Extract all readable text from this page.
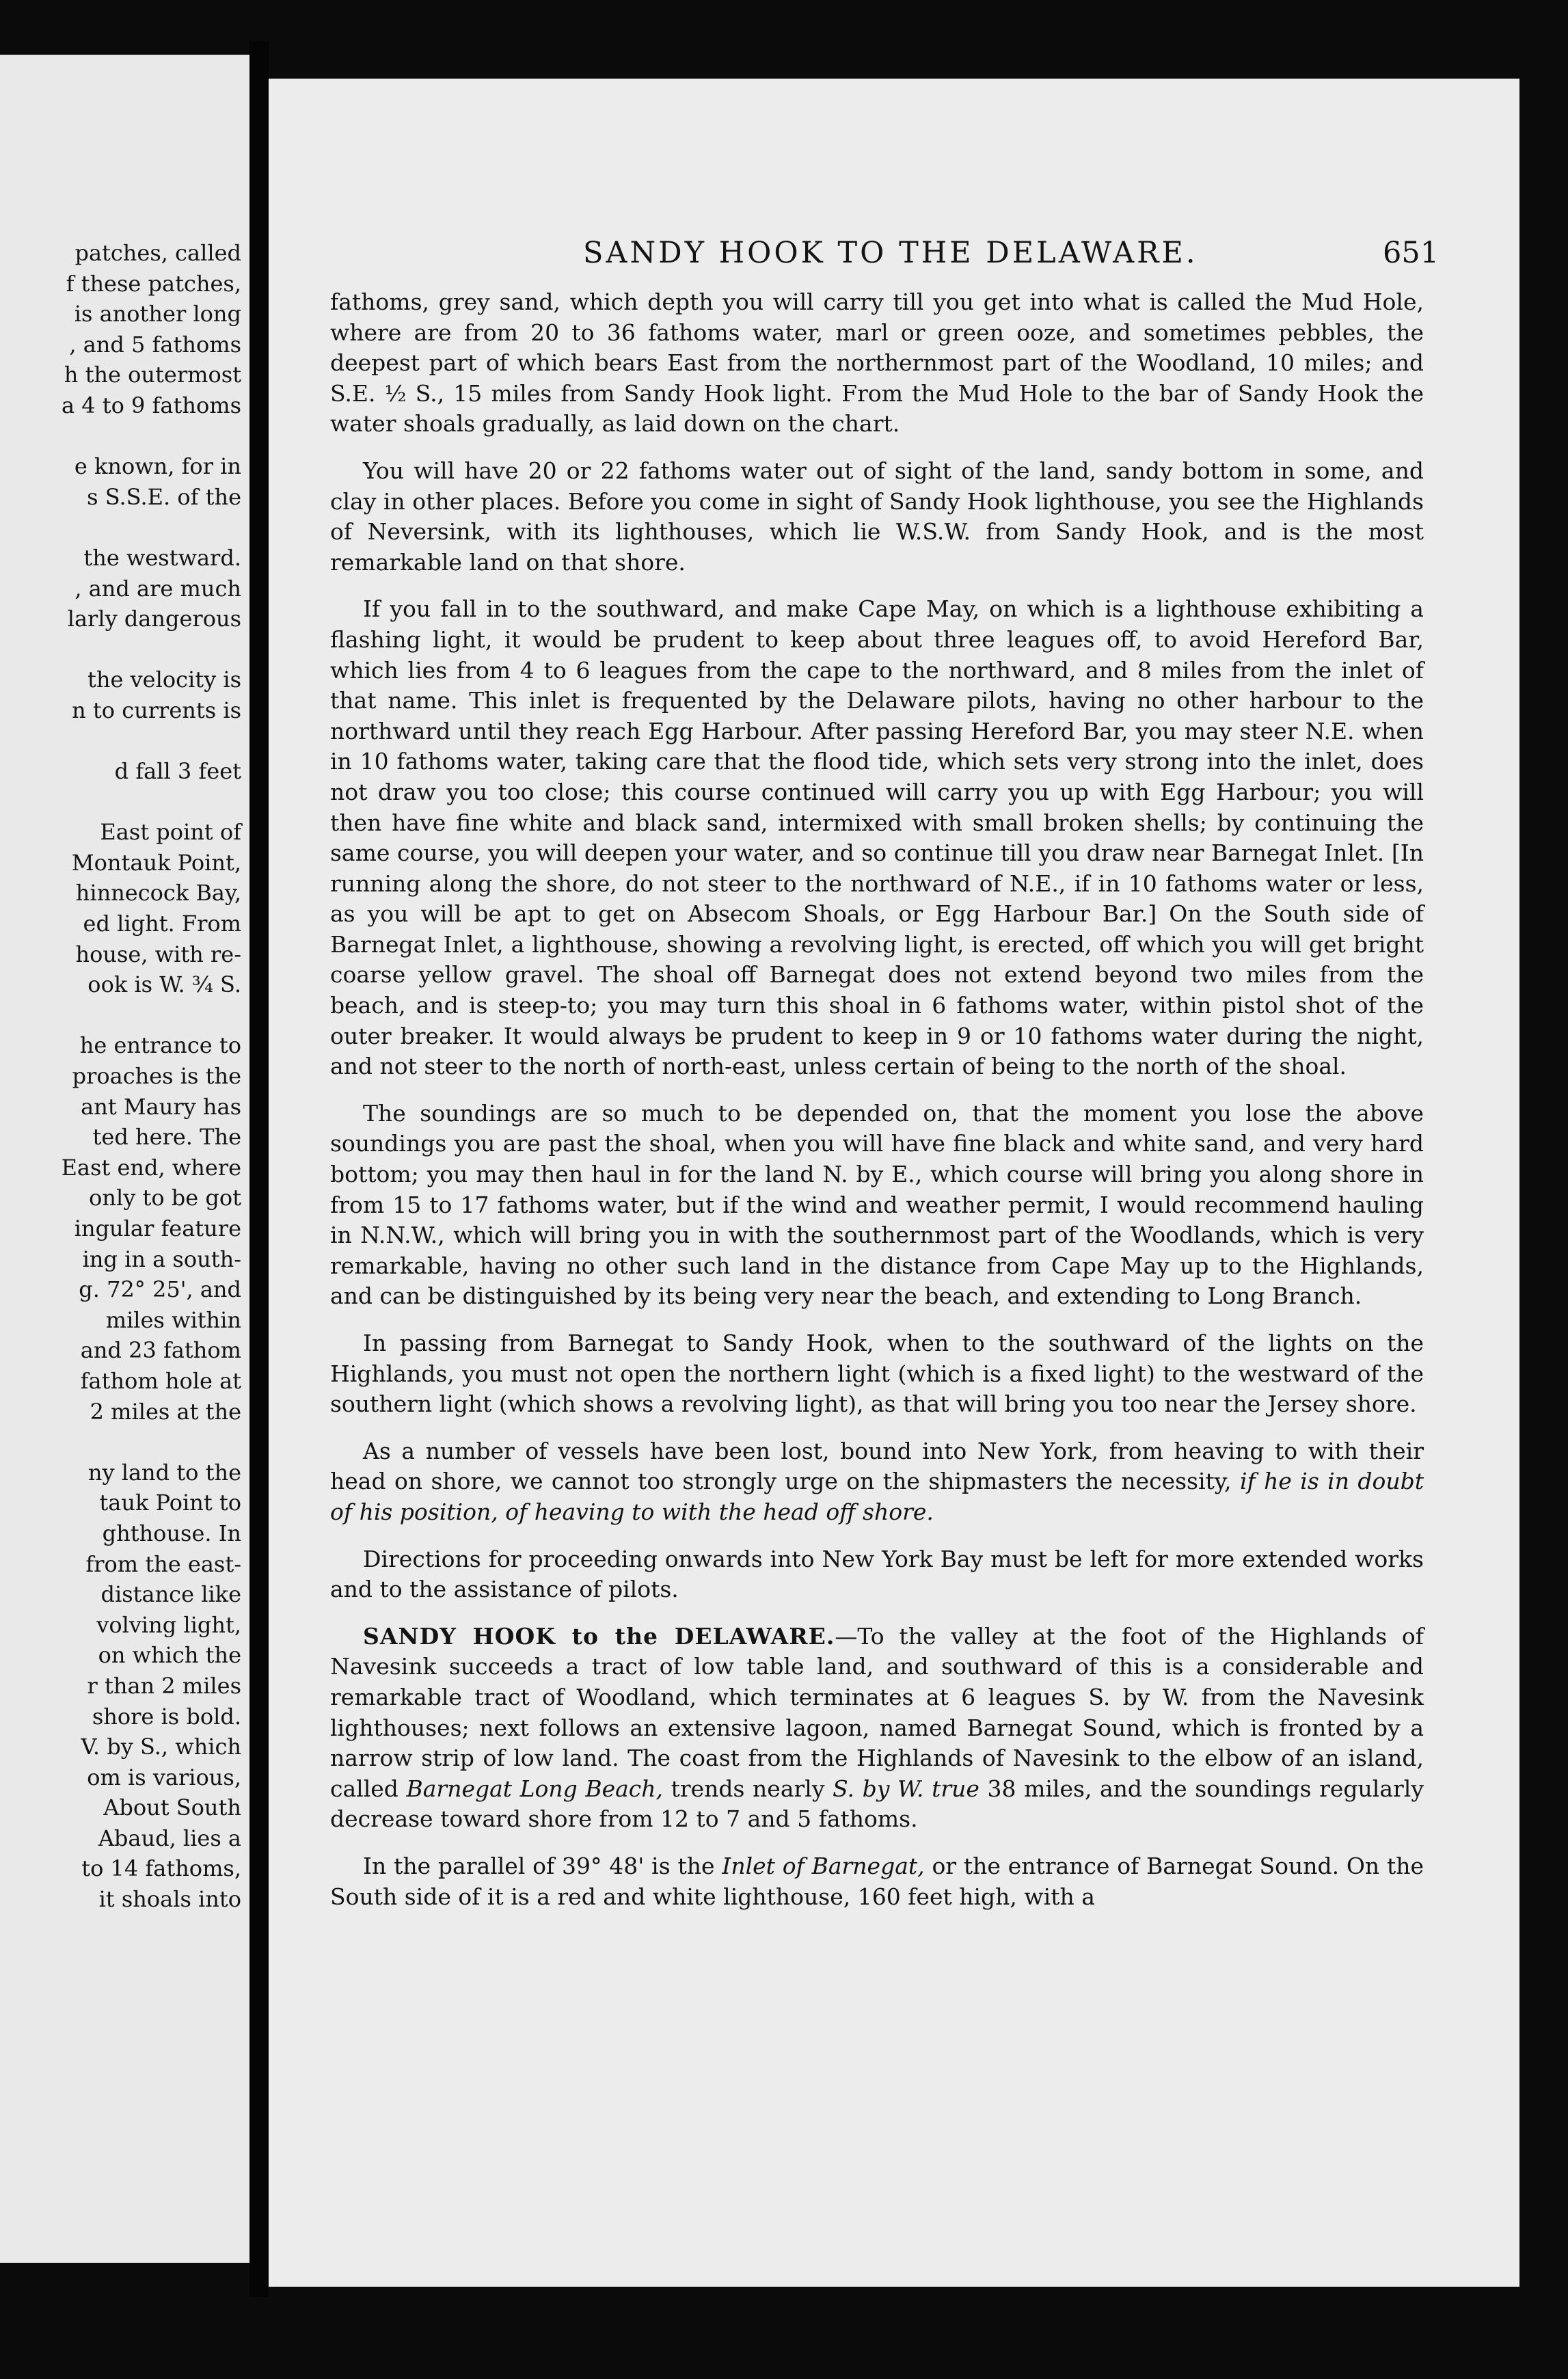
patches, called
f these patches,
is another long
, and 5 fathoms
h the outermost
a 4 to 9 fathoms
e known, for in
s S.S.E. of the
the westward.
, and are much
larly dangerous
the velocity is
n to currents is
d fall 3 feet
East point of
Montauk Point,
hinnecock Bay,
ed light. From
house, with re-
ook is W. ¾ S.
he entrance to
proaches is the
ant Maury has
ted here. The
East end, where
only to be got
ingular feature
ing in a south-
g. 72° 25', and
miles within
and 23 fathom
fathom hole at
2 miles at the
ny land to the
tauk Point to
ghthouse. In
from the east-
distance like
volving light,
on which the
r than 2 miles
shore is bold.
V. by S., which
om is various,
About South
Abaud, lies a
to 14 fathoms,
it shoals into
SANDY HOOK TO THE DELAWARE.	651

fathoms, grey sand, which depth you will carry till you get into what is called the Mud Hole, where are from 20 to 36 fathoms water, marl or green ooze, and sometimes pebbles, the deepest part of which bears East from the northernmost part of the Woodland, 10 miles; and S.E. ½ S., 15 miles from Sandy Hook light. From the Mud Hole to the bar of Sandy Hook the water shoals gradually, as laid down on the chart.

You will have 20 or 22 fathoms water out of sight of the land, sandy bottom in some, and clay in other places. Before you come in sight of Sandy Hook lighthouse, you see the Highlands of Neversink, with its lighthouses, which lie W.S.W. from Sandy Hook, and is the most remarkable land on that shore.

If you fall in to the southward, and make Cape May, on which is a lighthouse exhibiting a flashing light, it would be prudent to keep about three leagues off, to avoid Hereford Bar, which lies from 4 to 6 leagues from the cape to the northward, and 8 miles from the inlet of that name. This inlet is frequented by the Delaware pilots, having no other harbour to the northward until they reach Egg Harbour. After passing Hereford Bar, you may steer N.E. when in 10 fathoms water, taking care that the flood tide, which sets very strong into the inlet, does not draw you too close; this course continued will carry you up with Egg Harbour; you will then have fine white and black sand, intermixed with small broken shells; by continuing the same course, you will deepen your water, and so continue till you draw near Barnegat Inlet. [In running along the shore, do not steer to the northward of N.E., if in 10 fathoms water or less, as you will be apt to get on Absecom Shoals, or Egg Harbour Bar.] On the South side of Barnegat Inlet, a lighthouse, showing a revolving light, is erected, off which you will get bright coarse yellow gravel. The shoal off Barnegat does not extend beyond two miles from the beach, and is steep-to; you may turn this shoal in 6 fathoms water, within pistol shot of the outer breaker. It would always be prudent to keep in 9 or 10 fathoms water during the night, and not steer to the north of north-east, unless certain of being to the north of the shoal.

The soundings are so much to be depended on, that the moment you lose the above soundings you are past the shoal, when you will have fine black and white sand, and very hard bottom; you may then haul in for the land N. by E., which course will bring you along shore in from 15 to 17 fathoms water, but if the wind and weather permit, I would recommend hauling in N.N.W., which will bring you in with the southernmost part of the Woodlands, which is very remarkable, having no other such land in the distance from Cape May up to the Highlands, and can be distinguished by its being very near the beach, and extending to Long Branch.

In passing from Barnegat to Sandy Hook, when to the southward of the lights on the Highlands, you must not open the northern light (which is a fixed light) to the westward of the southern light (which shows a revolving light), as that will bring you too near the Jersey shore.

As a number of vessels have been lost, bound into New York, from heaving to with their head on shore, we cannot too strongly urge on the shipmasters the necessity, if he is in doubt of his position, of heaving to with the head off shore.

Directions for proceeding onwards into New York Bay must be left for more extended works and to the assistance of pilots.

SANDY HOOK to the DELAWARE.—To the valley at the foot of the Highlands of Navesink succeeds a tract of low table land, and southward of this is a considerable and remarkable tract of Woodland, which terminates at 6 leagues S. by W. from the Navesink lighthouses; next follows an extensive lagoon, named Barnegat Sound, which is fronted by a narrow strip of low land. The coast from the Highlands of Navesink to the elbow of an island, called Barnegat Long Beach, trends nearly S. by W. true 38 miles, and the soundings regularly decrease toward shore from 12 to 7 and 5 fathoms.

In the parallel of 39° 48' is the Inlet of Barnegat, or the entrance of Barnegat Sound. On the South side of it is a red and white lighthouse, 160 feet high, with a
